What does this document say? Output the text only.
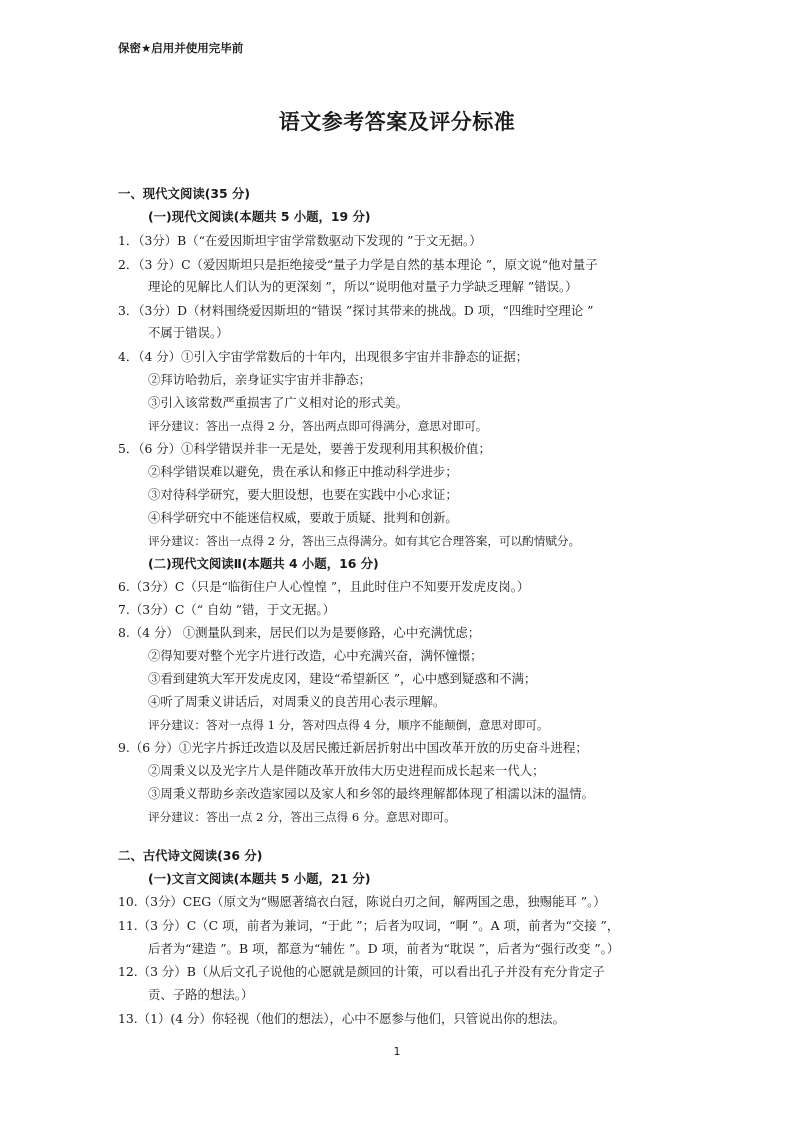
保密★启用并使用完毕前
语文参考答案及评分标准
一、现代文阅读(35 分)
(一)现代文阅读(本题共 5 小题，19 分)
1．（3分）B（“在爱因斯坦宇宙学常数驱动下发现的 ”于文无据。）
2．（3 分）C（爱因斯坦只是拒绝接受“量子力学是自然的基本理论 ”，原文说“他对量子
理论的见解比人们认为的更深刻 ”，所以“说明他对量子力学缺乏理解 ”错误。）
3．（3分）D（材料围绕爱因斯坦的“错误 ”探讨其带来的挑战。D 项，“四维时空理论 ”
不属于错误。）
4．（4 分）①引入宇宙学常数后的十年内，出现很多宇宙并非静态的证据；
②拜访哈勃后，亲身证实宇宙并非静态；
③引入该常数严重损害了广义相对论的形式美。
评分建议：答出一点得 2 分，答出两点即可得满分，意思对即可。
5．（6 分）①科学错误并非一无是处，要善于发现利用其积极价值；
②科学错误难以避免，贵在承认和修正中推动科学进步；
③对待科学研究，要大胆设想，也要在实践中小心求证；
④科学研究中不能迷信权威，要敢于质疑、批判和创新。
评分建议：答出一点得 2 分，答出三点得满分。如有其它合理答案，可以酌情赋分。
(二)现代文阅读Ⅱ(本题共 4 小题，16 分)
6.（3分）C（只是“临街住户人心惶惶 ”，且此时住户不知要开发虎皮岗。）
7.（3分）C（“ 自幼 ”错，于文无据。）
8.（4 分） ①测量队到来，居民们以为是要修路，心中充满忧虑；
②得知要对整个光字片进行改造，心中充满兴奋，满怀憧憬；
③看到建筑大军开发虎皮冈，建设“希望新区 ”，心中感到疑惑和不满；
④听了周秉义讲话后，对周秉义的良苦用心表示理解。
评分建议：答对一点得 1 分，答对四点得 4 分，顺序不能颠倒，意思对即可。
9.（6 分）①光字片拆迁改造以及居民搬迁新居折射出中国改革开放的历史奋斗进程；
②周秉义以及光字片人是伴随改革开放伟大历史进程而成长起来一代人；
③周秉义帮助乡亲改造家园以及家人和乡邻的最终理解都体现了相濡以沫的温情。
评分建议：答出一点 2 分，答出三点得 6 分。意思对即可。
二、古代诗文阅读(36 分)
(一)文言文阅读(本题共 5 小题，21 分)
10.（3分）CEG（原文为“赐愿著缟衣白冠，陈说白刃之间，解两国之患，独赐能耳 ”。）
11.（3 分）C（C 项，前者为兼词，“于此 ”；后者为叹词，“啊 ”。A 项，前者为“交接 ”，
后者为“建造 ”。B 项，都意为“辅佐 ”。D 项，前者为“耽误 ”，后者为“强行改变 ”。）
12.（3 分）B（从后文孔子说他的心愿就是颜回的计策，可以看出孔子并没有充分肯定子
贡、子路的想法。）
13.（1）(4 分）你轻视（他们的想法），心中不愿参与他们，只管说出你的想法。
1
